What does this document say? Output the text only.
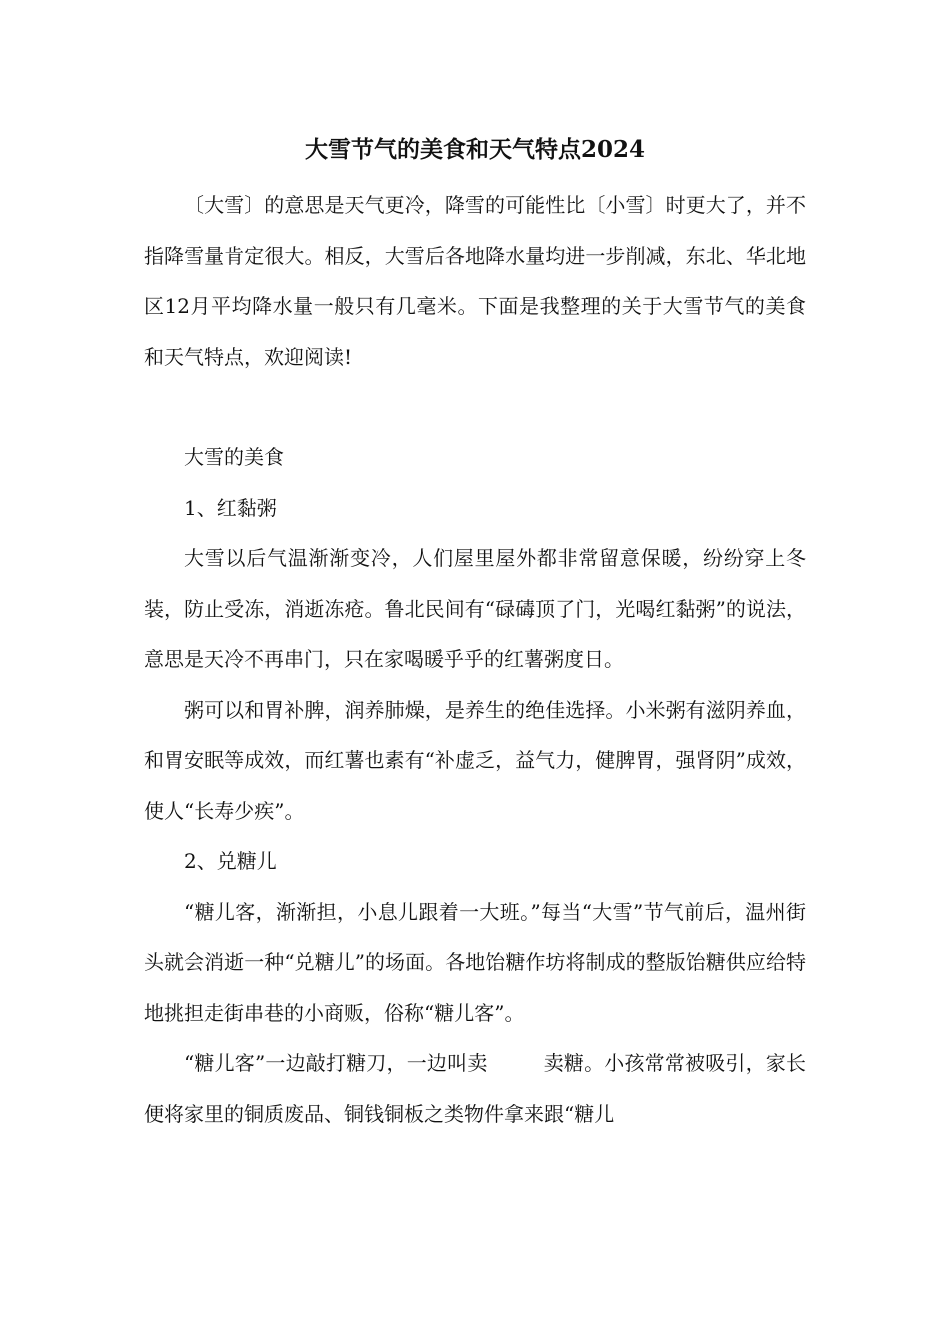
大雪节气的美食和天气特点2024

〔大雪〕的意思是天气更冷，降雪的可能性比〔小雪〕时更大了，并不指降雪量肯定很大。相反，大雪后各地降水量均进一步削减，东北、华北地区12月平均降水量一般只有几毫米。下面是我整理的关于大雪节气的美食和天气特点，欢迎阅读!

大雪的美食

1、红黏粥

大雪以后气温渐渐变冷，人们屋里屋外都非常留意保暖，纷纷穿上冬装，防止受冻，消逝冻疮。鲁北民间有“碌碡顶了门，光喝红黏粥”的说法，意思是天冷不再串门，只在家喝暖乎乎的红薯粥度日。

粥可以和胃补脾，润养肺燥，是养生的绝佳选择。小米粥有滋阴养血，和胃安眠等成效，而红薯也素有“补虚乏，益气力，健脾胃，强肾阴”成效，使人“长寿少疾”。

2、兑糖儿

“糖儿客，渐渐担，小息儿跟着一大班。”每当“大雪”节气前后，温州街头就会消逝一种“兑糖儿”的场面。各地饴糖作坊将制成的整版饴糖供应给特地挑担走街串巷的小商贩，俗称“糖儿客”。

“糖儿客”一边敲打糖刀，一边叫卖	卖糖。小孩常常被吸引，家长便将家里的铜质废品、铜钱铜板之类物件拿来跟“糖儿
